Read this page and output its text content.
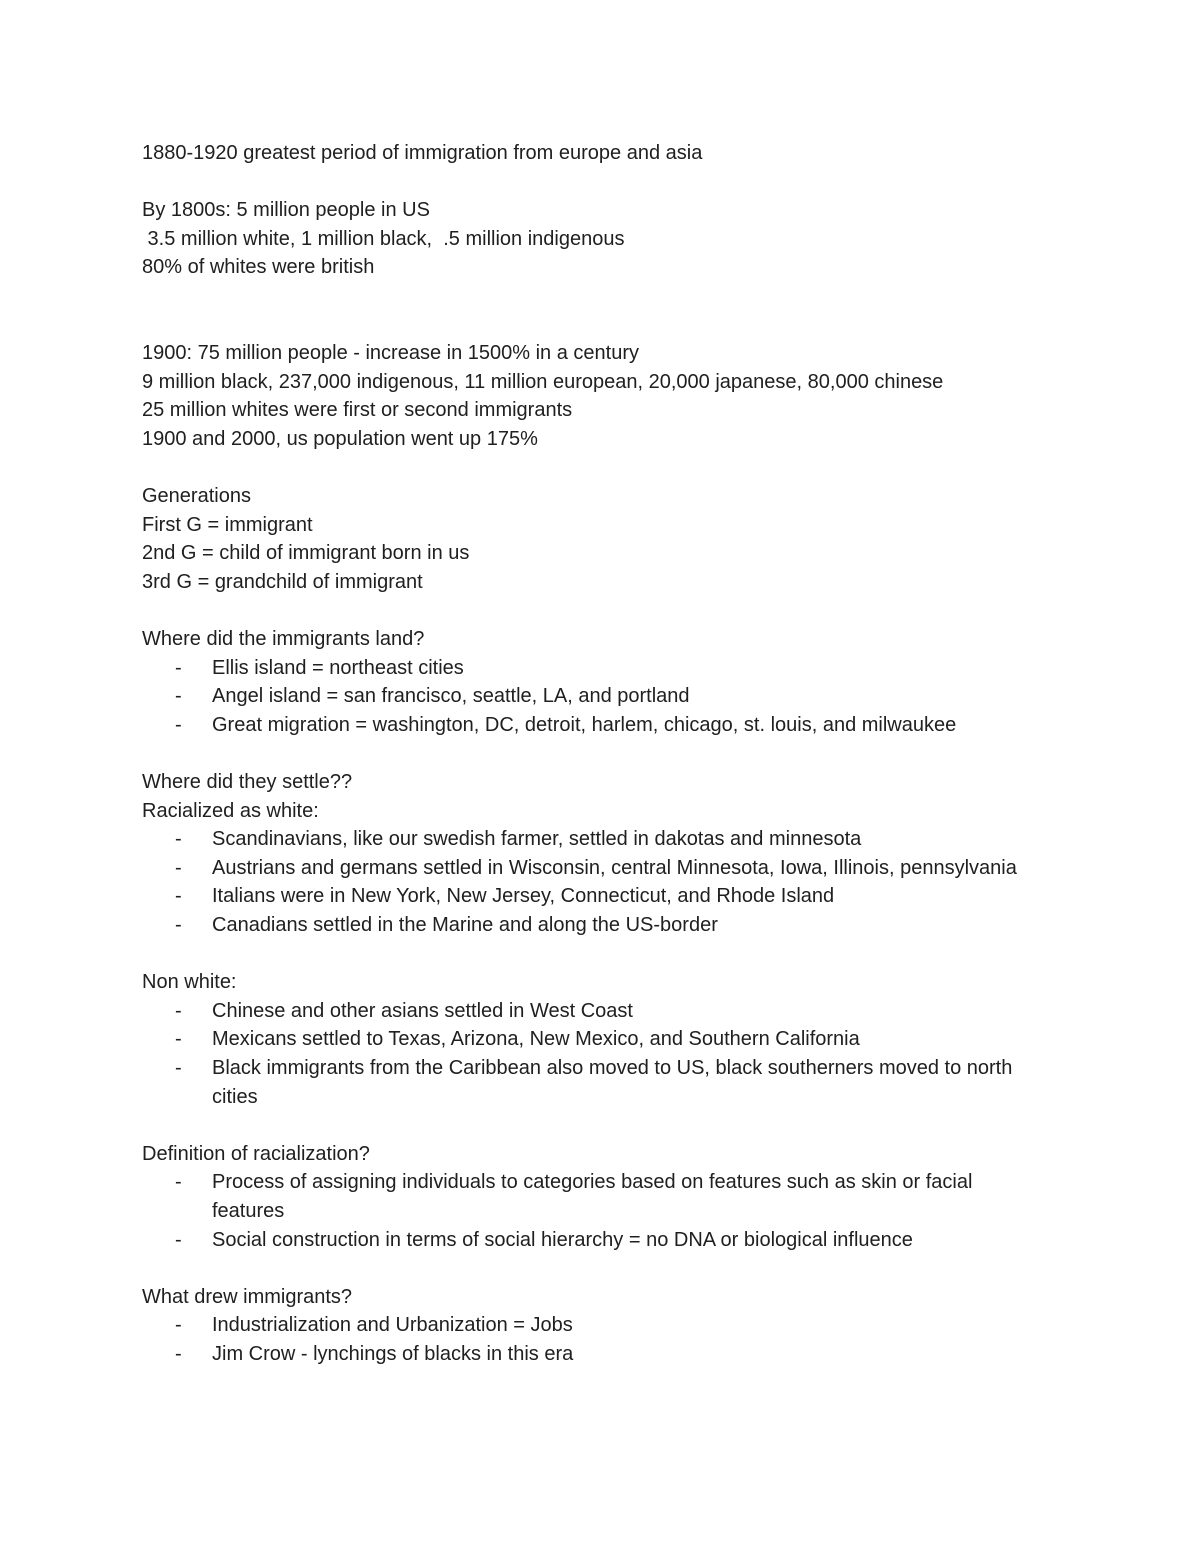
1880-1920 greatest period of immigration from europe and asia
By 1800s: 5 million people in US
3.5 million white, 1 million black,  .5 million indigenous
80% of whites were british
1900: 75 million people - increase in 1500% in a century
9 million black, 237,000 indigenous, 11 million european, 20,000 japanese, 80,000 chinese
25 million whites were first or second immigrants
1900 and 2000, us population went up 175%
Generations
First G = immigrant
2nd G = child of immigrant born in us
3rd G = grandchild of immigrant
Where did the immigrants land?
- Ellis island = northeast cities
- Angel island = san francisco, seattle, LA, and portland
- Great migration = washington, DC, detroit, harlem, chicago, st. louis, and milwaukee
Where did they settle??
Racialized as white:
- Scandinavians, like our swedish farmer, settled in dakotas and minnesota
- Austrians and germans settled in Wisconsin, central Minnesota, Iowa, Illinois, pennsylvania
- Italians were in New York, New Jersey, Connecticut, and Rhode Island
- Canadians settled in the Marine and along the US-border
Non white:
- Chinese and other asians settled in West Coast
- Mexicans settled to Texas, Arizona, New Mexico, and Southern California
- Black immigrants from the Caribbean also moved to US, black southerners moved to north cities
Definition of racialization?
- Process of assigning individuals to categories based on features such as skin or facial features
- Social construction in terms of social hierarchy = no DNA or biological influence
What drew immigrants?
- Industrialization and Urbanization = Jobs
- Jim Crow - lynchings of blacks in this era
